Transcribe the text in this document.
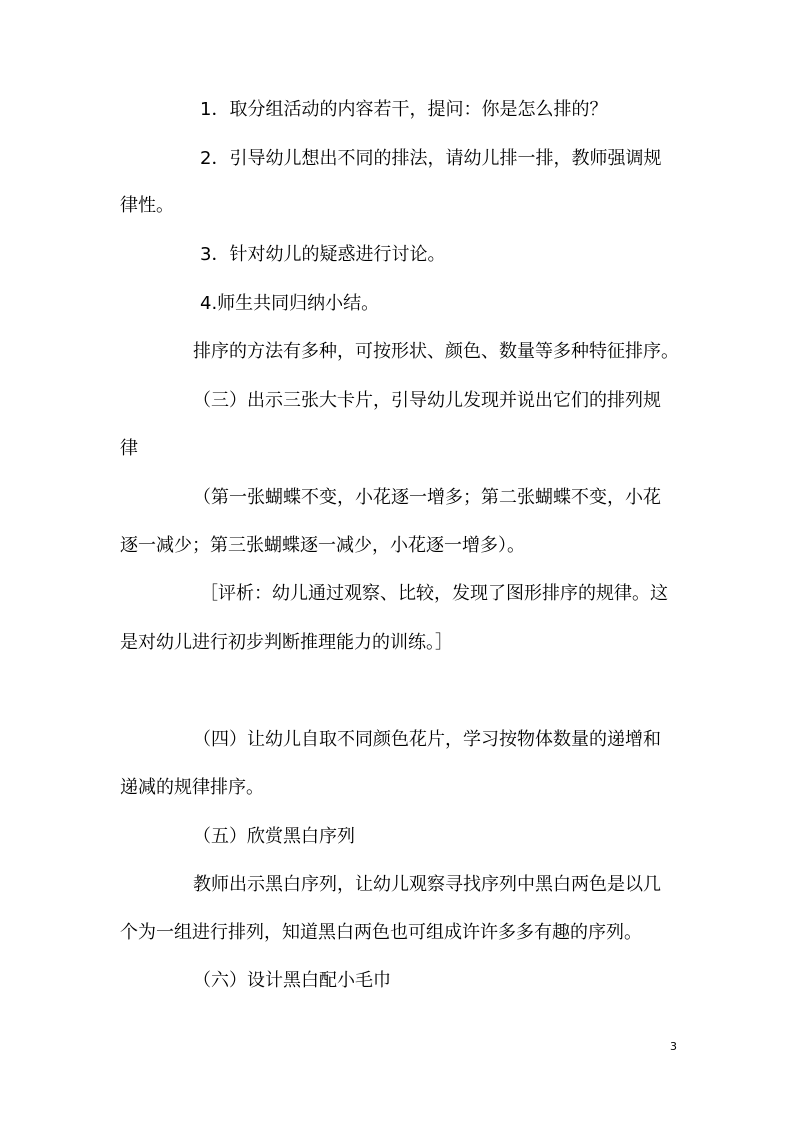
1．取分组活动的内容若干，提问：你是怎么排的？
2．引导幼儿想出不同的排法，请幼儿排一排，教师强调规
律性。
3．针对幼儿的疑惑进行讨论。
4.师生共同归纳小结。
排序的方法有多种，可按形状、颜色、数量等多种特征排序。
（三）出示三张大卡片，引导幼儿发现并说出它们的排列规
律
（第一张蝴蝶不变，小花逐一增多；第二张蝴蝶不变，小花
逐一减少；第三张蝴蝶逐一减少，小花逐一增多）。
［评析：幼儿通过观察、比较，发现了图形排序的规律。这
是对幼儿进行初步判断推理能力的训练。］
（四）让幼儿自取不同颜色花片，学习按物体数量的递增和
递减的规律排序。
（五）欣赏黑白序列
教师出示黑白序列，让幼儿观察寻找序列中黑白两色是以几
个为一组进行排列，知道黑白两色也可组成许许多多有趣的序列。
（六）设计黑白配小毛巾
3
